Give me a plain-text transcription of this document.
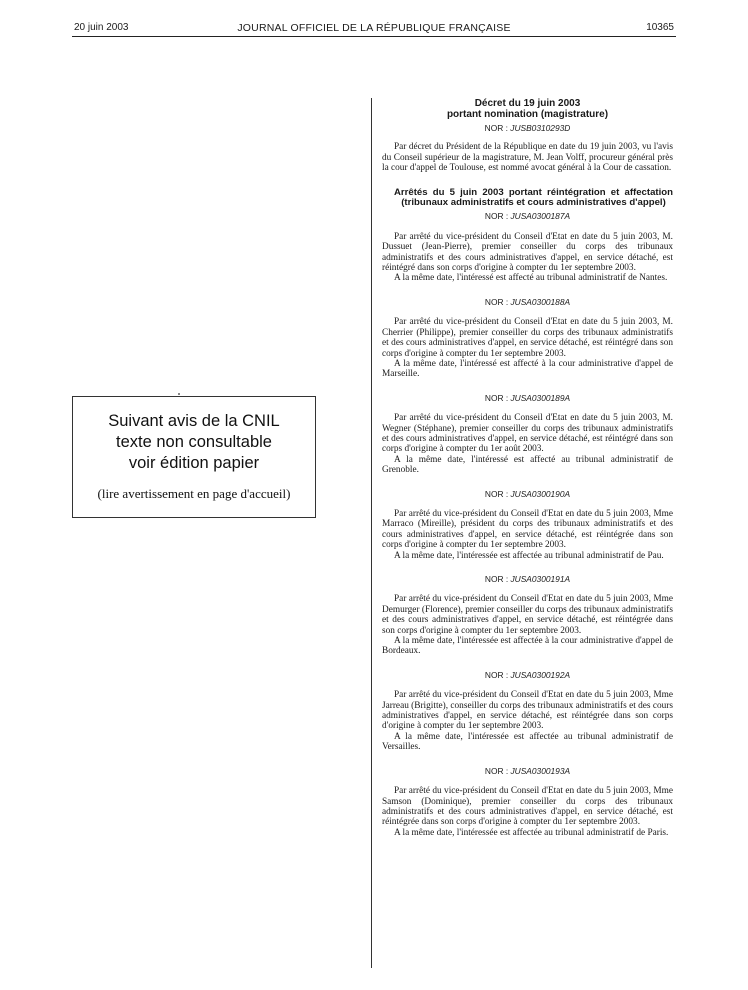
20 juin 2003	JOURNAL OFFICIEL DE LA RÉPUBLIQUE FRANÇAISE	10365
Suivant avis de la CNIL
texte non consultable
voir édition papier
(lire avertissement en page d'accueil)
Décret du 19 juin 2003
portant nomination (magistrature)
NOR : JUSB0310293D

Par décret du Président de la République en date du 19 juin 2003, vu l'avis du Conseil supérieur de la magistrature, M. Jean Volff, procureur général près la cour d'appel de Toulouse, est nommé avocat général à la Cour de cassation.

Arrêtés du 5 juin 2003 portant réintégration et affectation (tribunaux administratifs et cours administratives d'appel)
NOR : JUSA0300187A

Par arrêté du vice-président du Conseil d'Etat en date du 5 juin 2003, M. Dussuet (Jean-Pierre), premier conseiller du corps des tribunaux administratifs et des cours administratives d'appel, en service détaché, est réintégré dans son corps d'origine à compter du 1er septembre 2003.

A la même date, l'intéressé est affecté au tribunal administratif de Nantes.

NOR : JUSA0300188A

Par arrêté du vice-président du Conseil d'Etat en date du 5 juin 2003, M. Cherrier (Philippe), premier conseiller du corps des tribunaux administratifs et des cours administratives d'appel, en service détaché, est réintégré dans son corps d'origine à compter du 1er septembre 2003.

A la même date, l'intéressé est affecté à la cour administrative d'appel de Marseille.

NOR : JUSA0300189A

Par arrêté du vice-président du Conseil d'Etat en date du 5 juin 2003, M. Wegner (Stéphane), premier conseiller du corps des tribunaux administratifs et des cours administratives d'appel, en service détaché, est réintégré dans son corps d'origine à compter du 1er août 2003.

A la même date, l'intéressé est affecté au tribunal administratif de Grenoble.

NOR : JUSA0300190A

Par arrêté du vice-président du Conseil d'Etat en date du 5 juin 2003, Mme Marraco (Mireille), président du corps des tribunaux administratifs et des cours administratives d'appel, en service détaché, est réintégrée dans son corps d'origine à compter du 1er septembre 2003.

A la même date, l'intéressée est affectée au tribunal administratif de Pau.

NOR : JUSA0300191A

Par arrêté du vice-président du Conseil d'Etat en date du 5 juin 2003, Mme Demurger (Florence), premier conseiller du corps des tribunaux administratifs et des cours administratives d'appel, en service détaché, est réintégrée dans son corps d'origine à compter du 1er septembre 2003.

A la même date, l'intéressée est affectée à la cour administrative d'appel de Bordeaux.

NOR : JUSA0300192A

Par arrêté du vice-président du Conseil d'Etat en date du 5 juin 2003, Mme Jarreau (Brigitte), conseiller du corps des tribunaux administratifs et des cours administratives d'appel, en service détaché, est réintégrée dans son corps d'origine à compter du 1er septembre 2003.

A la même date, l'intéressée est affectée au tribunal administratif de Versailles.

NOR : JUSA0300193A

Par arrêté du vice-président du Conseil d'Etat en date du 5 juin 2003, Mme Samson (Dominique), premier conseiller du corps des tribunaux administratifs et des cours administratives d'appel, en service détaché, est réintégrée dans son corps d'origine à compter du 1er septembre 2003.

A la même date, l'intéressée est affectée au tribunal administratif de Paris.
